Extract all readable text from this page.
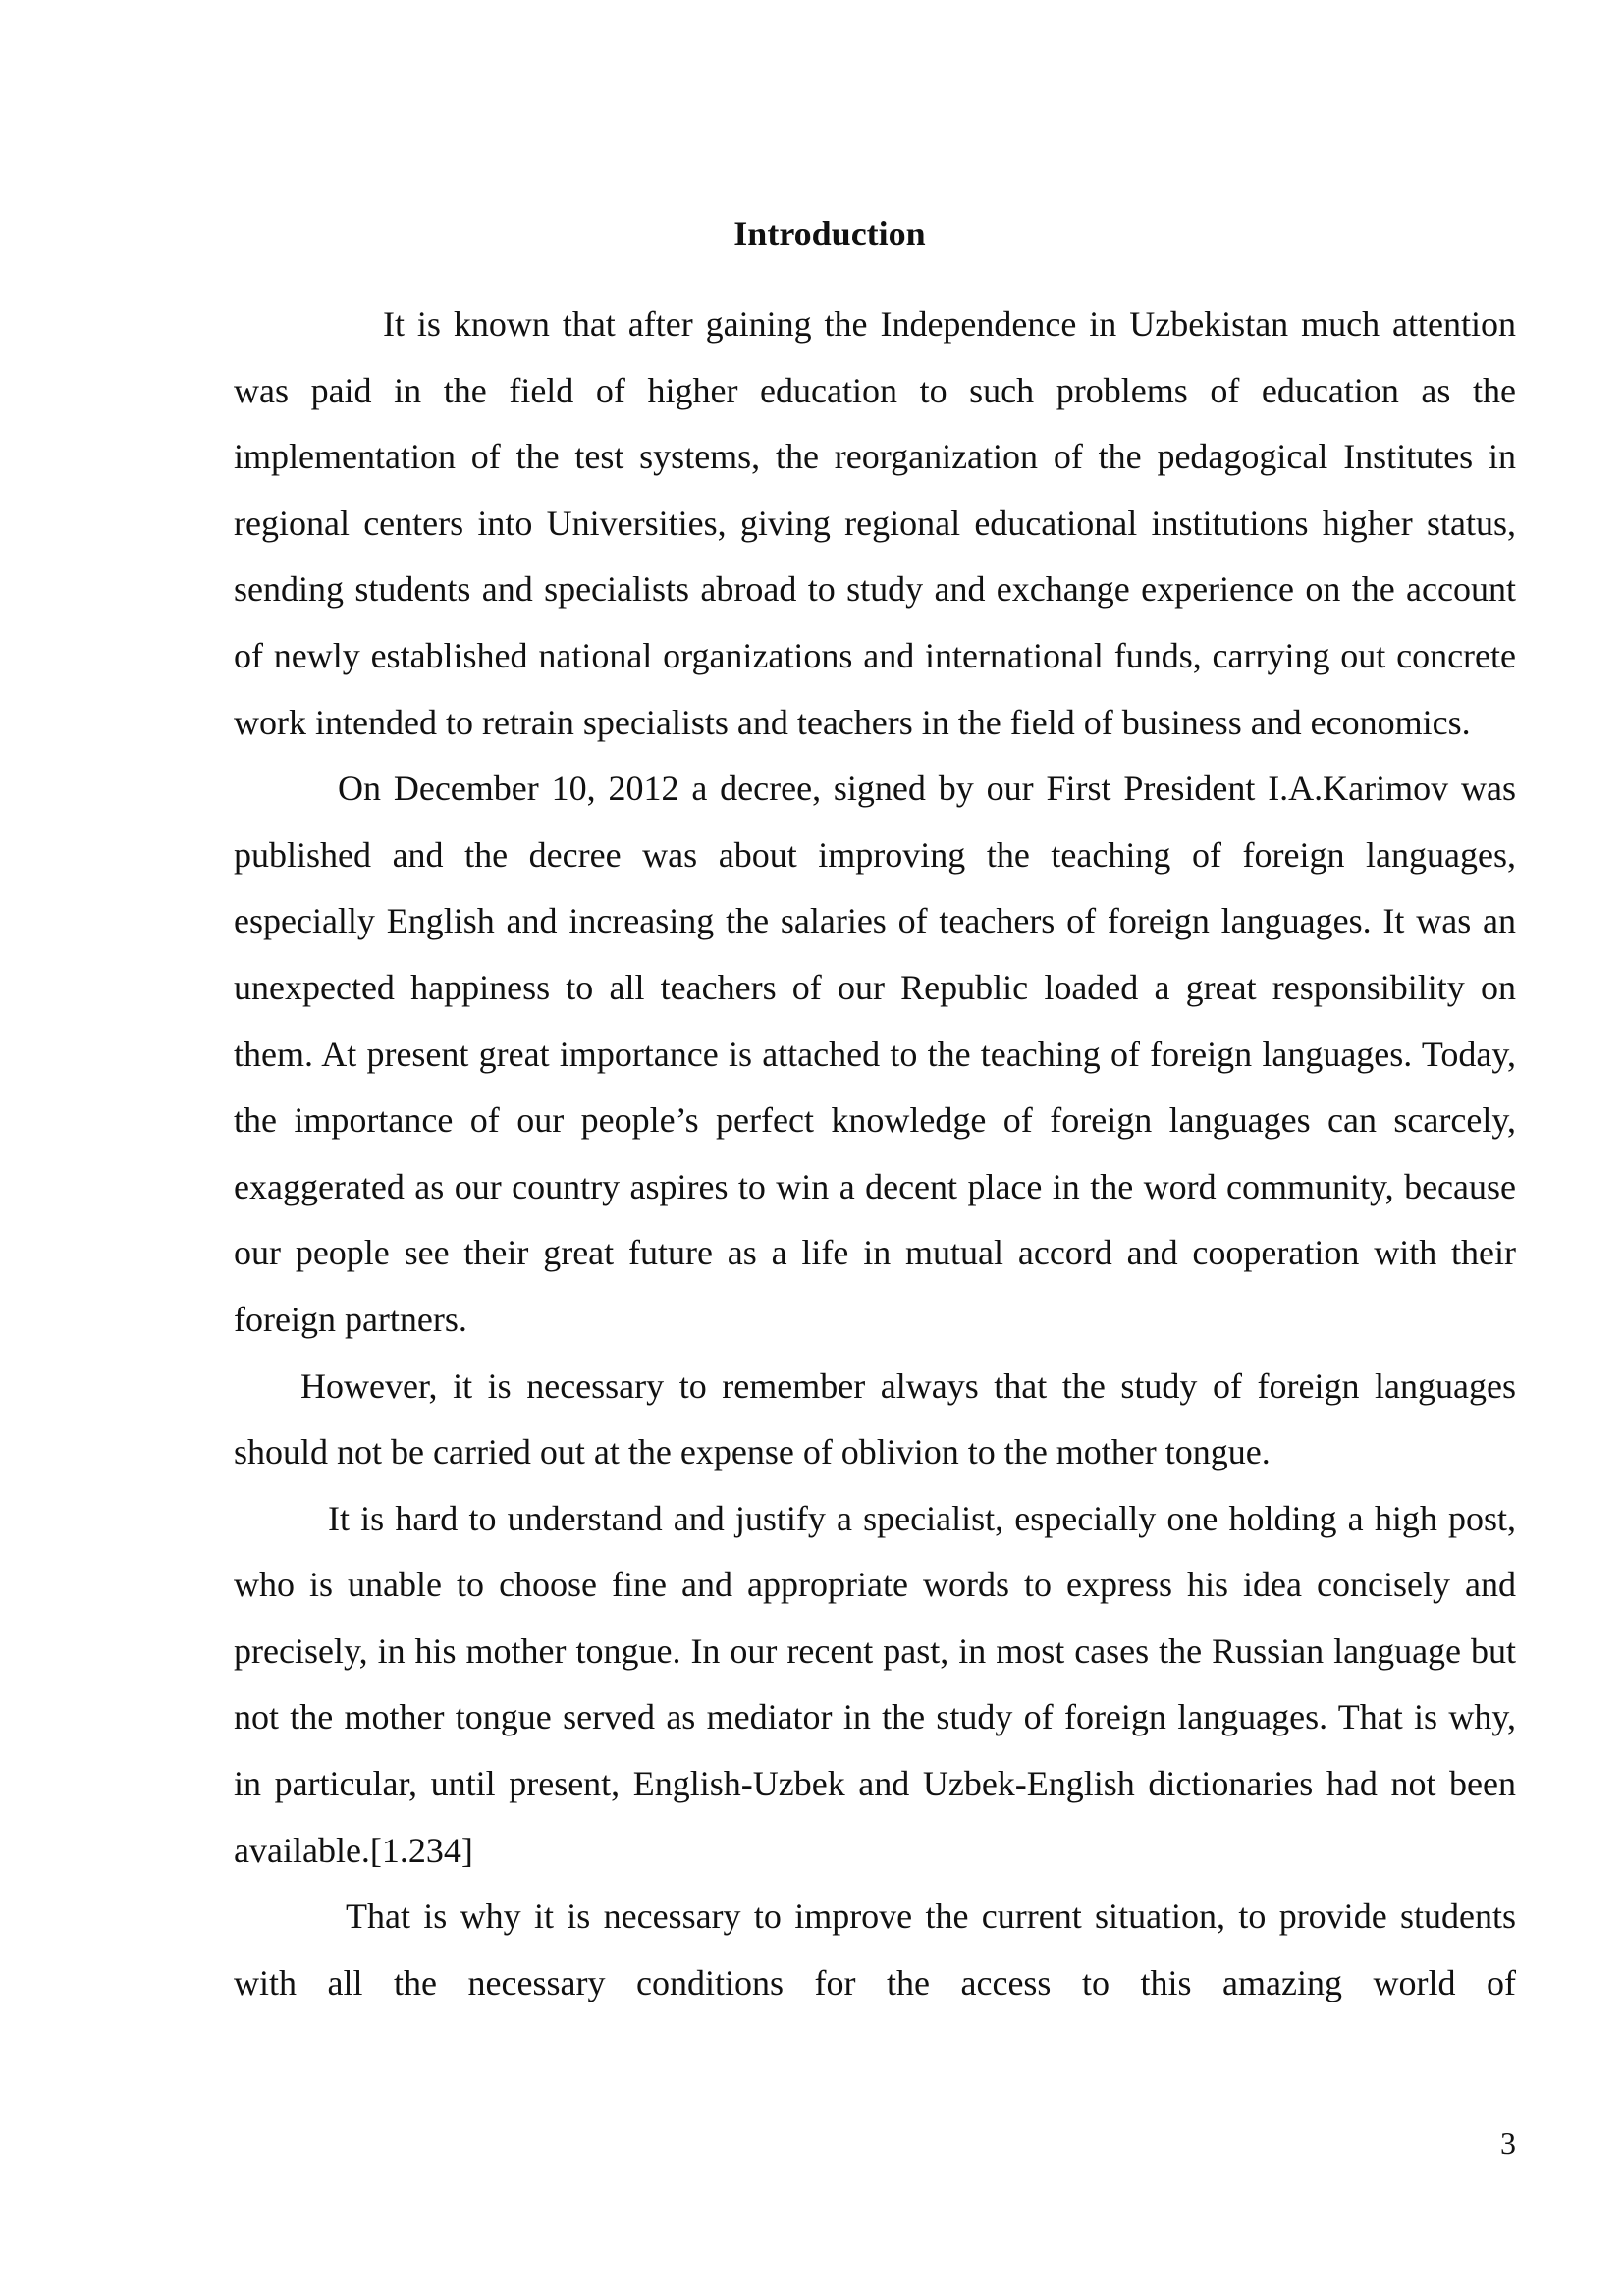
Introduction

It is known that after gaining the Independence in Uzbekistan much attention was paid in the field of higher education to such problems of education as the implementation of the test systems, the reorganization of the pedagogical Institutes in regional centers into Universities, giving regional educational institutions higher status, sending students and specialists abroad to study and exchange experience on the account of newly established national organizations and international funds, carrying out concrete work intended to retrain specialists and teachers in the field of business and economics.

On December 10, 2012 a decree, signed by our First President I.A.Karimov was published and the decree was about improving the teaching of foreign languages, especially English and increasing the salaries of teachers of foreign languages. It was an unexpected happiness to all teachers of our Republic loaded a great responsibility on them. At present great importance is attached to the teaching of foreign languages. Today, the importance of our people’s perfect knowledge of foreign languages can scarcely, exaggerated as our country aspires to win a decent place in the word community, because our people see their great future as a life in mutual accord and cooperation with their foreign partners.

However, it is necessary to remember always that the study of foreign languages should not be carried out at the expense of oblivion to the mother tongue.

It is hard to understand and justify a specialist, especially one holding a high post, who is unable to choose fine and appropriate words to express his idea concisely and precisely, in his mother tongue. In our recent past, in most cases the Russian language but not the mother tongue served as mediator in the study of foreign languages. That is why, in particular, until present, English-Uzbek and Uzbek-English dictionaries had not been available.[1.234]

That is why it is necessary to improve the current situation, to provide students with all the necessary conditions for the access to this amazing world of

3
